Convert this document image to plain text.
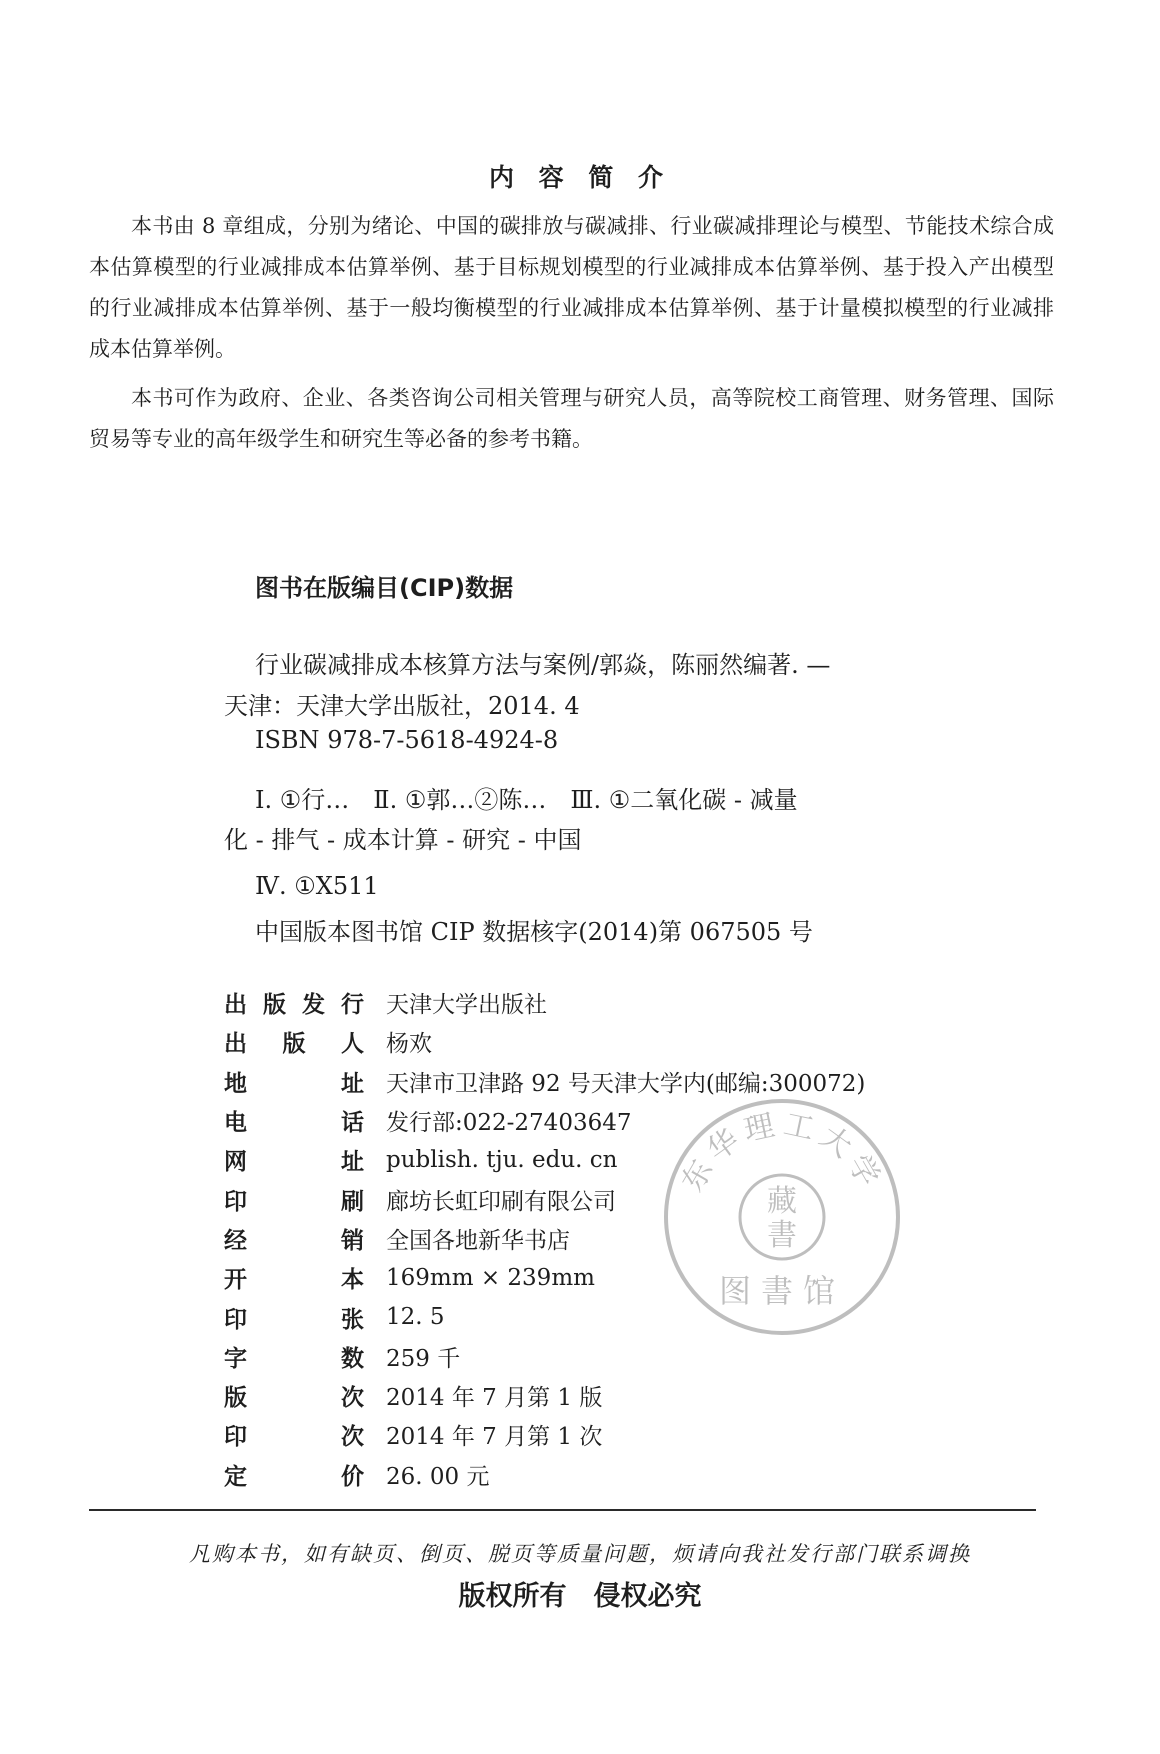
内 容 简 介
本书由 8 章组成，分别为绪论、中国的碳排放与碳减排、行业碳减排理论与模型、节能技术综合成本估算模型的行业减排成本估算举例、基于目标规划模型的行业减排成本估算举例、基于投入产出模型的行业减排成本估算举例、基于一般均衡模型的行业减排成本估算举例、基于计量模拟模型的行业减排成本估算举例。
本书可作为政府、企业、各类咨询公司相关管理与研究人员，高等院校工商管理、财务管理、国际贸易等专业的高年级学生和研究生等必备的参考书籍。
图书在版编目(CIP)数据
行业碳减排成本核算方法与案例/郭焱，陈丽然编著. —
天津：天津大学出版社，2014. 4
ISBN 978-7-5618-4924-8
Ⅰ. ①行…　Ⅱ. ①郭…②陈…　Ⅲ. ①二氧化碳 - 减量
化 - 排气 - 成本计算 - 研究 - 中国
Ⅳ. ①X511
中国版本图书馆 CIP 数据核字(2014)第 067505 号
出 版 发 行 天津大学出版社
出 版 人 杨欢
地	址 天津市卫津路 92 号天津大学内(邮编:300072)
电	话 发行部:022-27403647
网	址 publish. tju. edu. cn
印	刷 廊坊长虹印刷有限公司
经	销 全国各地新华书店
开	本 169mm × 239mm
印	张 12. 5
字	数 259 千
版	次 2014 年 7 月第 1 版
印	次 2014 年 7 月第 1 次
定	价 26. 00 元
东华理工大学
藏
書
图書馆
凡购本书，如有缺页、倒页、脱页等质量问题，烦请向我社发行部门联系调换
版权所有　侵权必究
